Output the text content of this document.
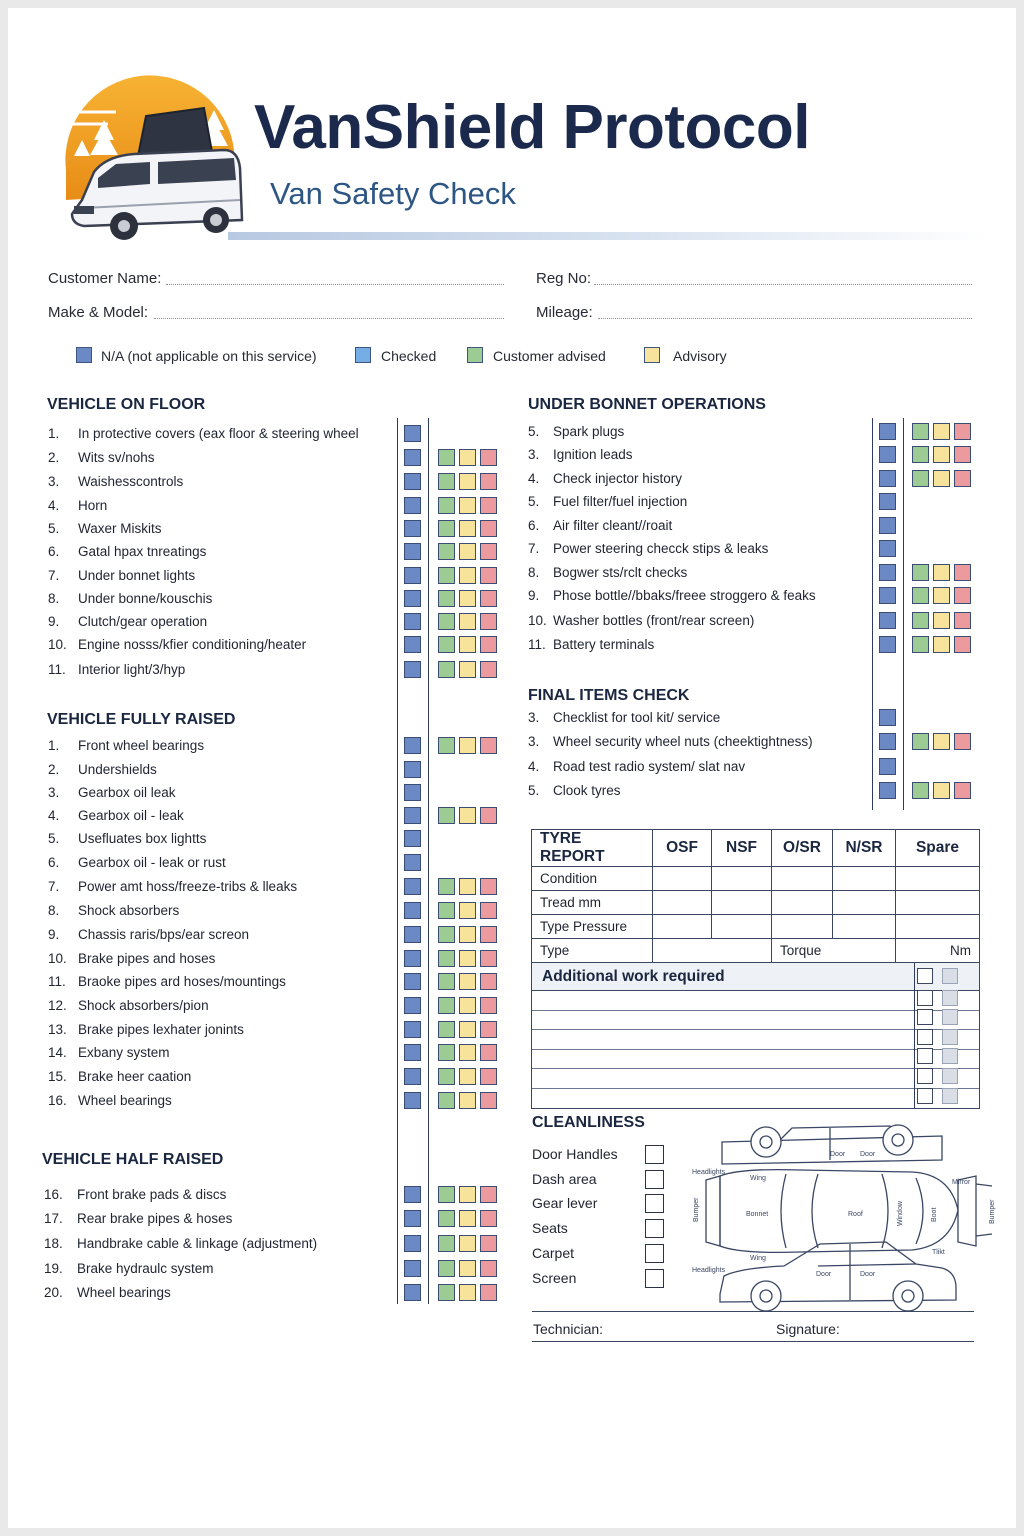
VanShield Protocol
Van Safety Check
Customer Name:	Reg No:
Make & Model:	Mileage:
N/A (not applicable on this service)	Checked	Customer advised	Advisory
VEHICLE ON FLOOR
VEHICLE FULLY RAISED
VEHICLE HALF RAISED
UNDER BONNET OPERATIONS
FINAL ITEMS CHECK
1.	In protective covers (eax floor & steering wheel
2.	Wits sv/nohs
3.	Waishesscontrols
4.	Horn
5.	Waxer Miskits
6.	Gatal hpax tnreatings
7.	Under bonnet lights
8.	Under bonne/kouschis
9.	Clutch/gear operation
10. Engine nosss/kfier conditioning/heater
11. Interior light/3/hyp
1.	Front wheel bearings
2.	Undershields
3.	Gearbox oil leak
4.	Gearbox oil - leak
5.	Usefluates box lightts
6.	Gearbox oil - leak or rust
7.	Power amt hoss/freeze-tribs & lleaks
8.	Shock absorbers
9.	Chassis raris/bps/ear screon
10. Brake pipes and hoses
11. Braoke pipes ard hoses/mountings
12. Shock absorbers/pion
13. Brake pipes lexhater jonints
14. Exbany system
15. Brake heer caation
16. Wheel bearings
16.	Front brake pads & discs
17.	Rear brake pipes & hoses
18.	Handbrake cable & linkage (adjustment)
19.	Brake hydraulc system
20.	Wheel bearings
5.	Spark plugs
3.	Ignition leads
4.	Check injector history
5.	Fuel filter/fuel injection
6.	Air filter cleant//roait
7.	Power steering checck stips & leaks
8.	Bogwer sts/rclt checks
9.	Phose bottle//bbaks/freee stroggero & feaks
10. Washer bottles (front/rear screen)
11. Battery terminals
3.	Checklist for tool kit/ service
3.	Wheel security wheel nuts (cheektightness)
4.	Road test radio system/ slat nav
5.	Clook tyres
TYRE REPORT	OSF	NSF	O/SR	N/SR	Spare
Condition					
Tread mm					
Type Pressure					
Type			Torque		Nm
Additional work required
CLEANLINESS
Door Handles
Dash area
Gear lever
Seats
Carpet
Screen
Headlights
Wing
Door Door
Bumper	Bonnet	Roof	Window	Boot	Bumper
Wing
Headlights
Door	Door
Tlikt
Mirror
Technician:	Signature:
